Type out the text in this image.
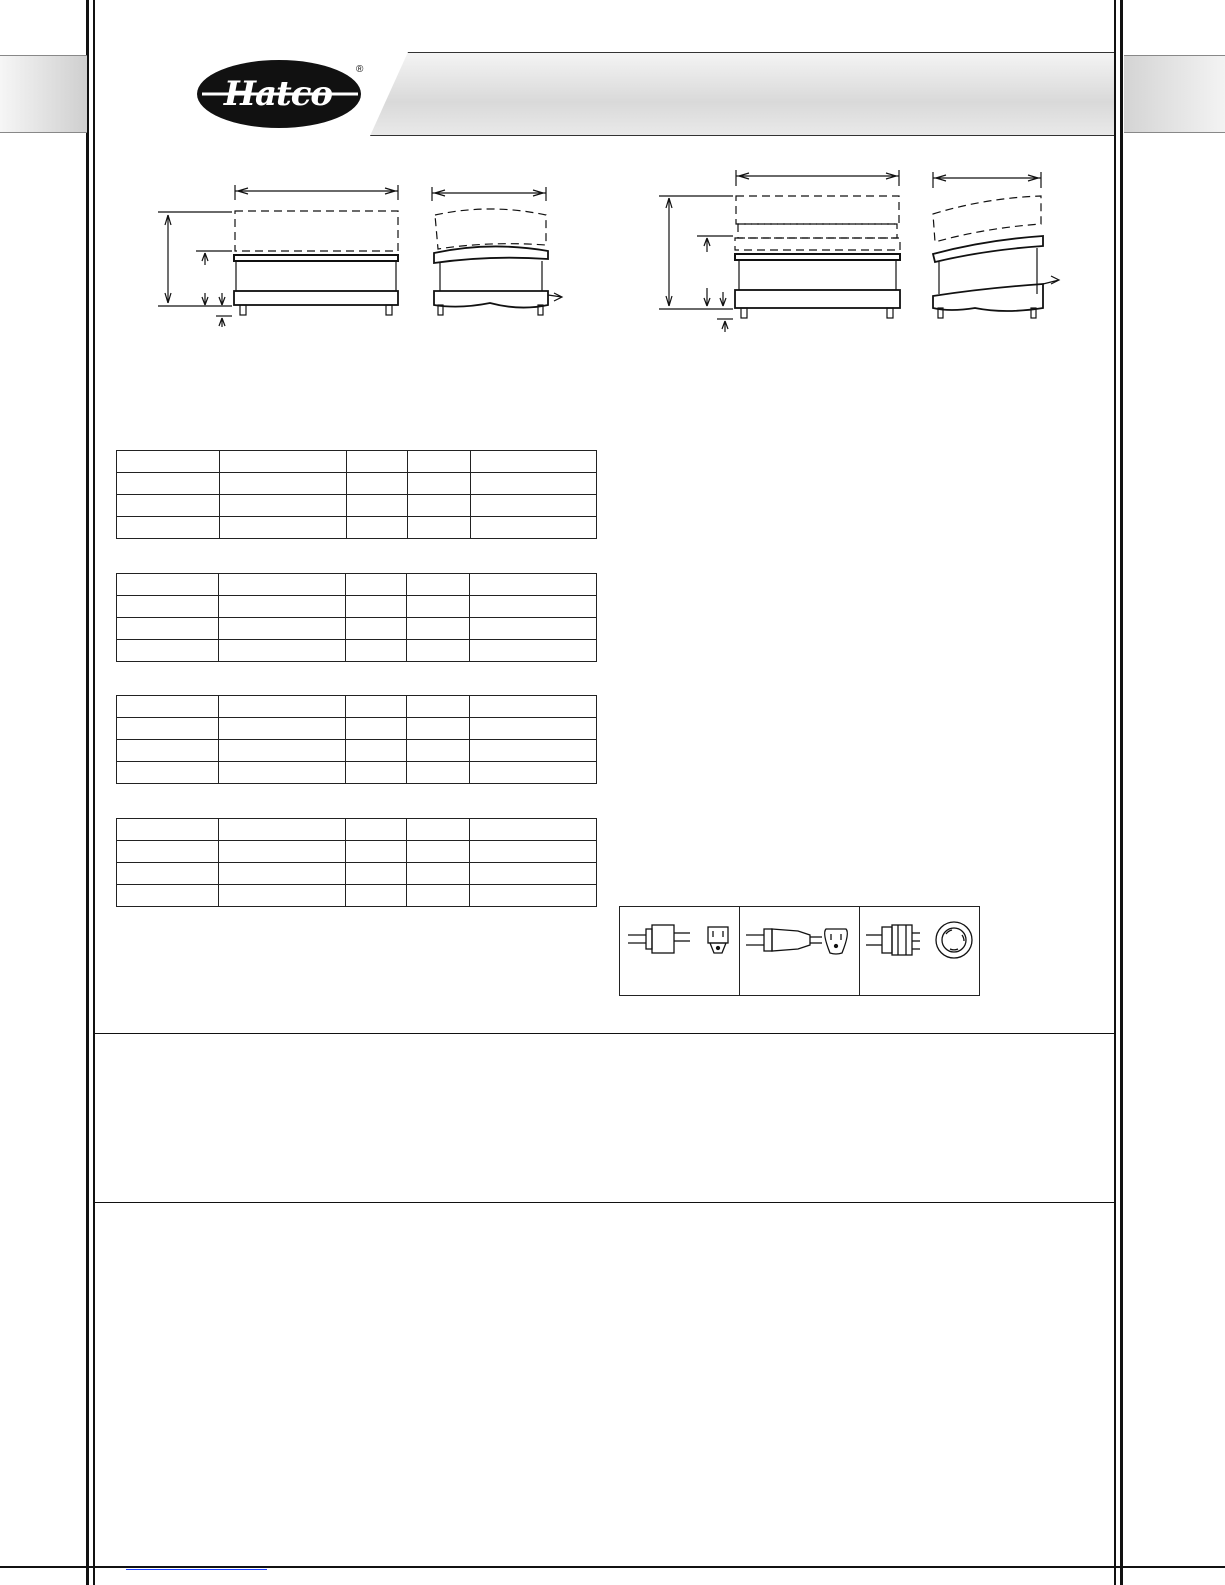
Hatco
®
